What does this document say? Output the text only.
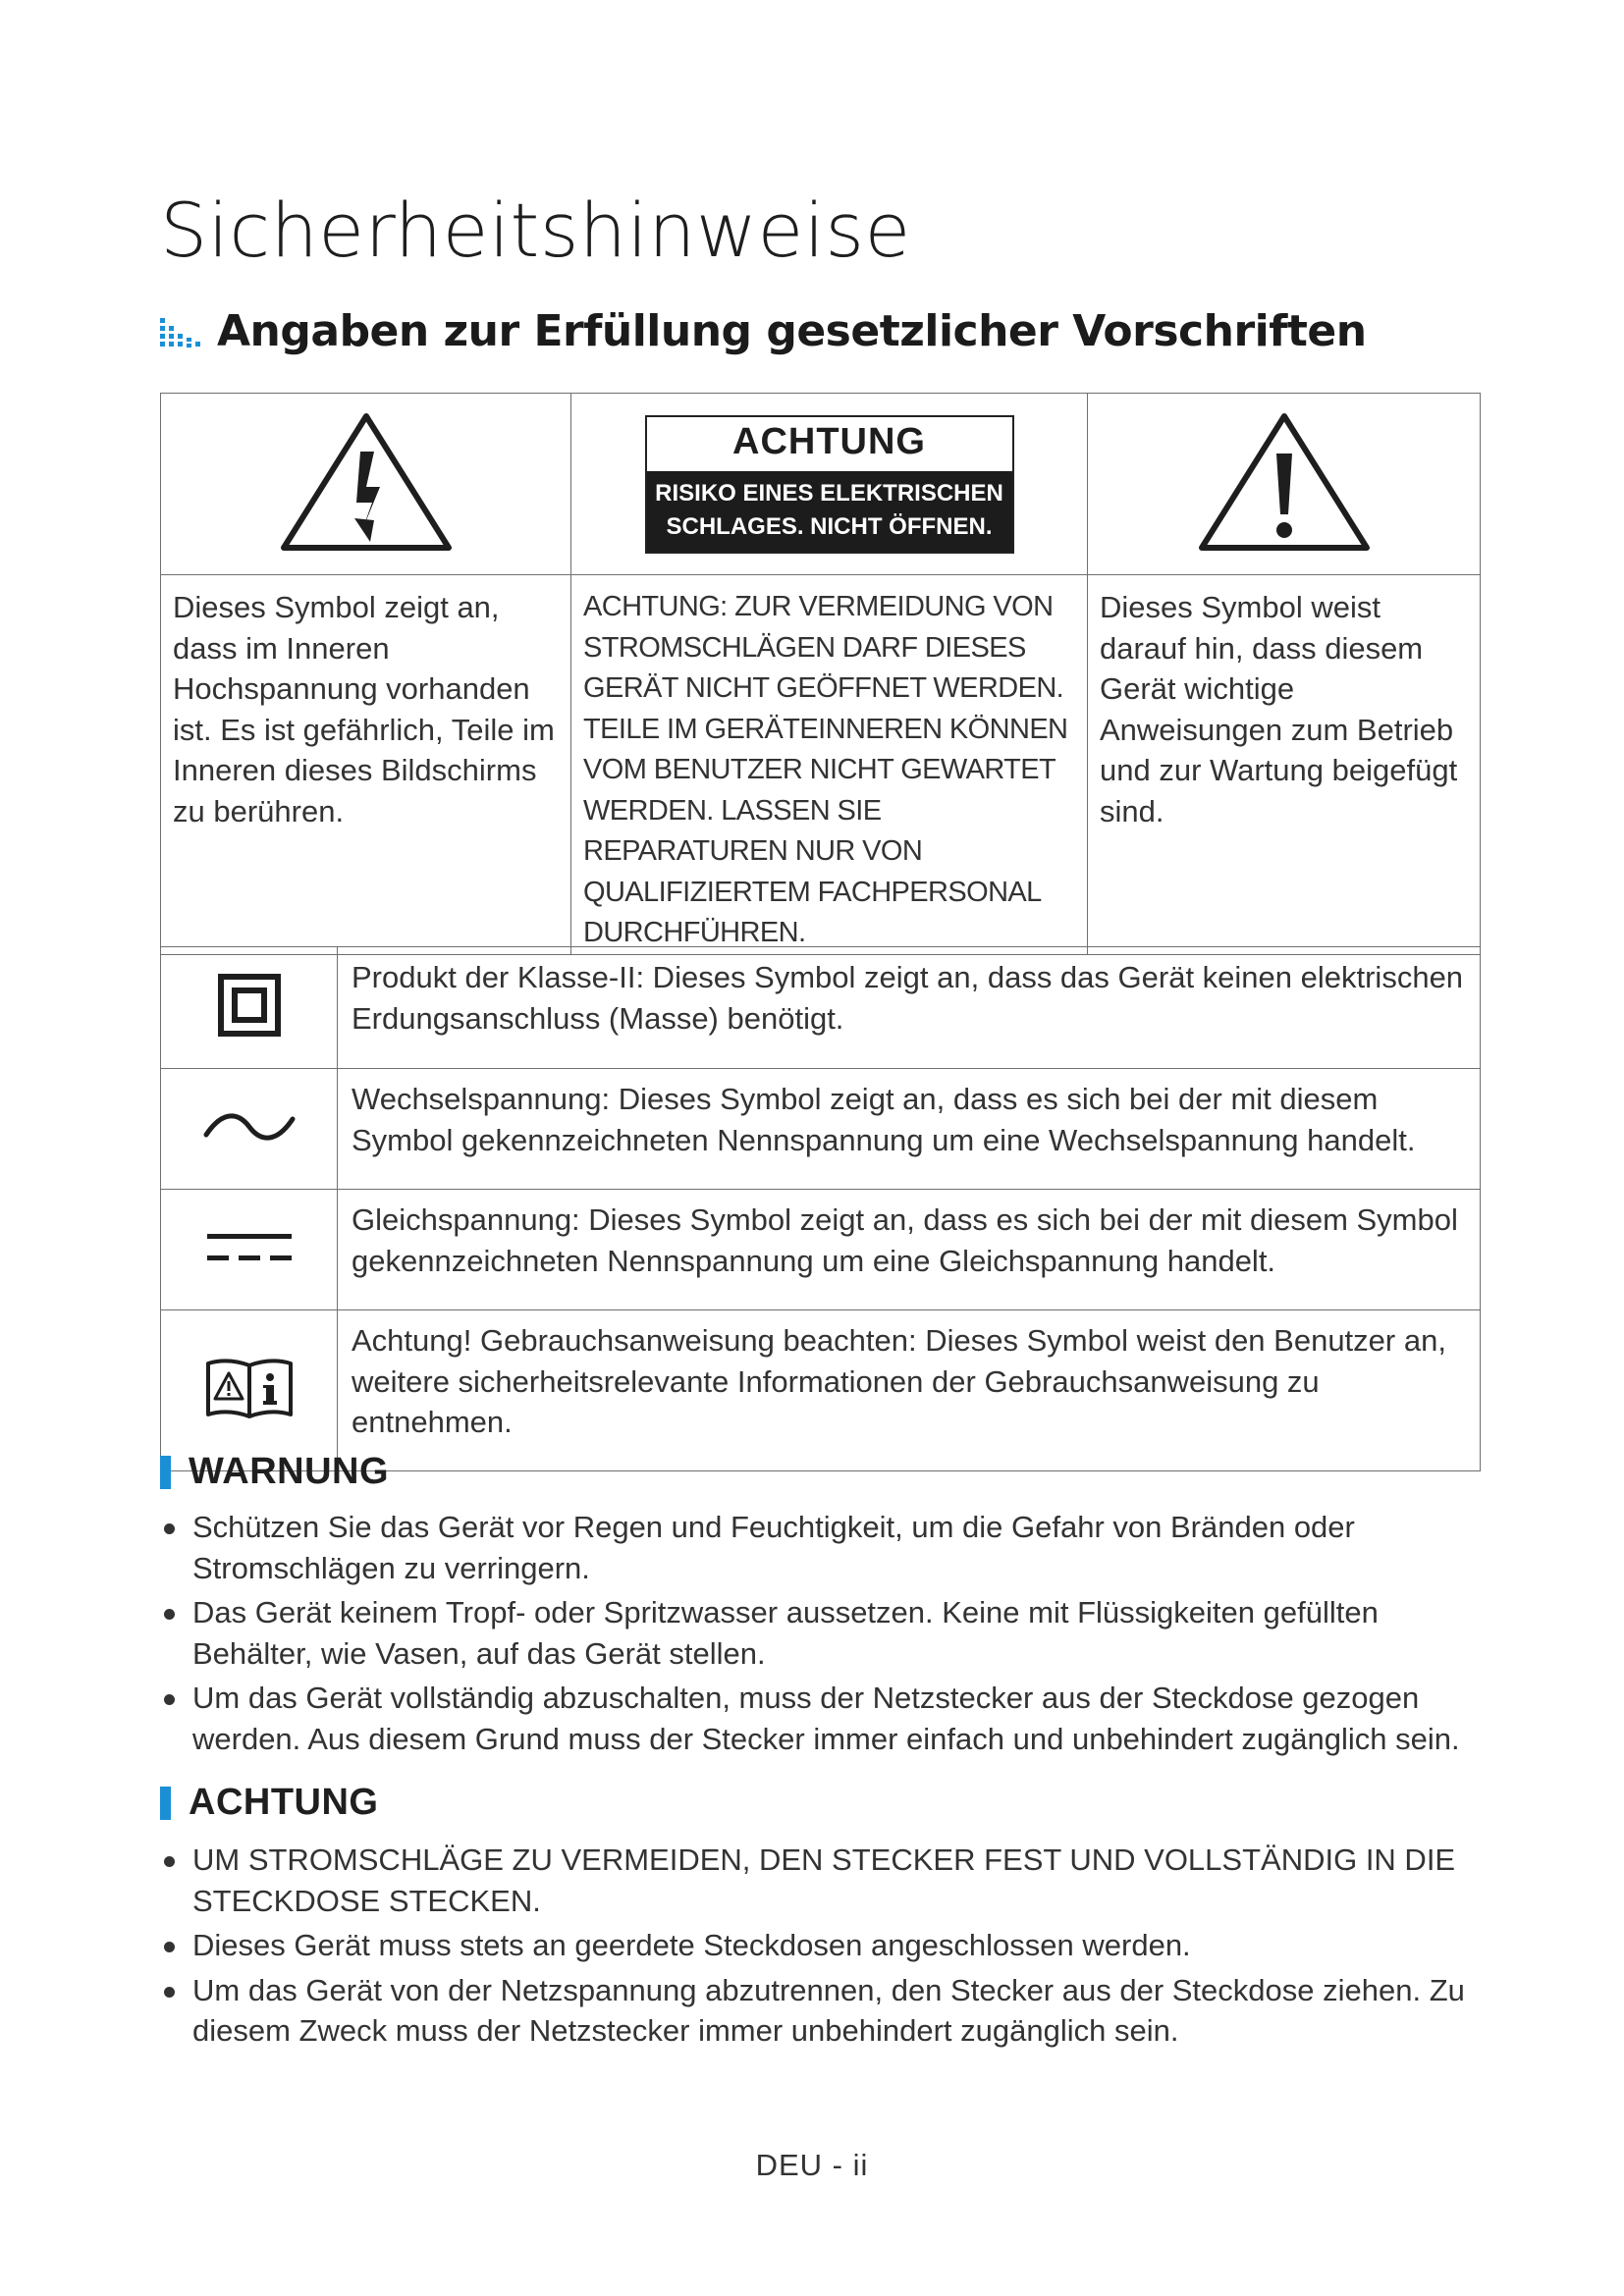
Sicherheitshinweise
Angaben zur Erfüllung gesetzlicher Vorschriften

ACHTUNG
RISIKO EINES ELEKTRISCHEN
SCHLAGES. NICHT ÖFFNEN.

Dieses Symbol zeigt an, dass im Inneren Hochspannung vorhanden ist. Es ist gefährlich, Teile im Inneren dieses Bildschirms zu berühren.	ACHTUNG: ZUR VERMEIDUNG VON STROMSCHLÄGEN DARF DIESES GERÄT NICHT GEÖFFNET WERDEN. TEILE IM GERÄTEINNEREN KÖNNEN VOM BENUTZER NICHT GEWARTET WERDEN. LASSEN SIE REPARATUREN NUR VON QUALIFIZIERTEM FACHPERSONAL DURCHFÜHREN.	Dieses Symbol weist darauf hin, dass diesem Gerät wichtige Anweisungen zum Betrieb und zur Wartung beigefügt sind.

	Produkt der Klasse-II: Dieses Symbol zeigt an, dass das Gerät keinen elektrischen Erdungsanschluss (Masse) benötigt.
	Wechselspannung: Dieses Symbol zeigt an, dass es sich bei der mit diesem Symbol gekennzeichneten Nennspannung um eine Wechselspannung handelt.
	Gleichspannung: Dieses Symbol zeigt an, dass es sich bei der mit diesem Symbol gekennzeichneten Nennspannung um eine Gleichspannung handelt.
	Achtung! Gebrauchsanweisung beachten: Dieses Symbol weist den Benutzer an, weitere sicherheitsrelevante Informationen der Gebrauchsanweisung zu entnehmen.
WARNUNG
Schützen Sie das Gerät vor Regen und Feuchtigkeit, um die Gefahr von Bränden oder Stromschlägen zu verringern.
Das Gerät keinem Tropf- oder Spritzwasser aussetzen. Keine mit Flüssigkeiten gefüllten Behälter, wie Vasen, auf das Gerät stellen.
Um das Gerät vollständig abzuschalten, muss der Netzstecker aus der Steckdose gezogen werden. Aus diesem Grund muss der Stecker immer einfach und unbehindert zugänglich sein.
ACHTUNG
UM STROMSCHLÄGE ZU VERMEIDEN, DEN STECKER FEST UND VOLLSTÄNDIG IN DIE STECKDOSE STECKEN.
Dieses Gerät muss stets an geerdete Steckdosen angeschlossen werden.
Um das Gerät von der Netzspannung abzutrennen, den Stecker aus der Steckdose ziehen. Zu diesem Zweck muss der Netzstecker immer unbehindert zugänglich sein.
DEU - ii
